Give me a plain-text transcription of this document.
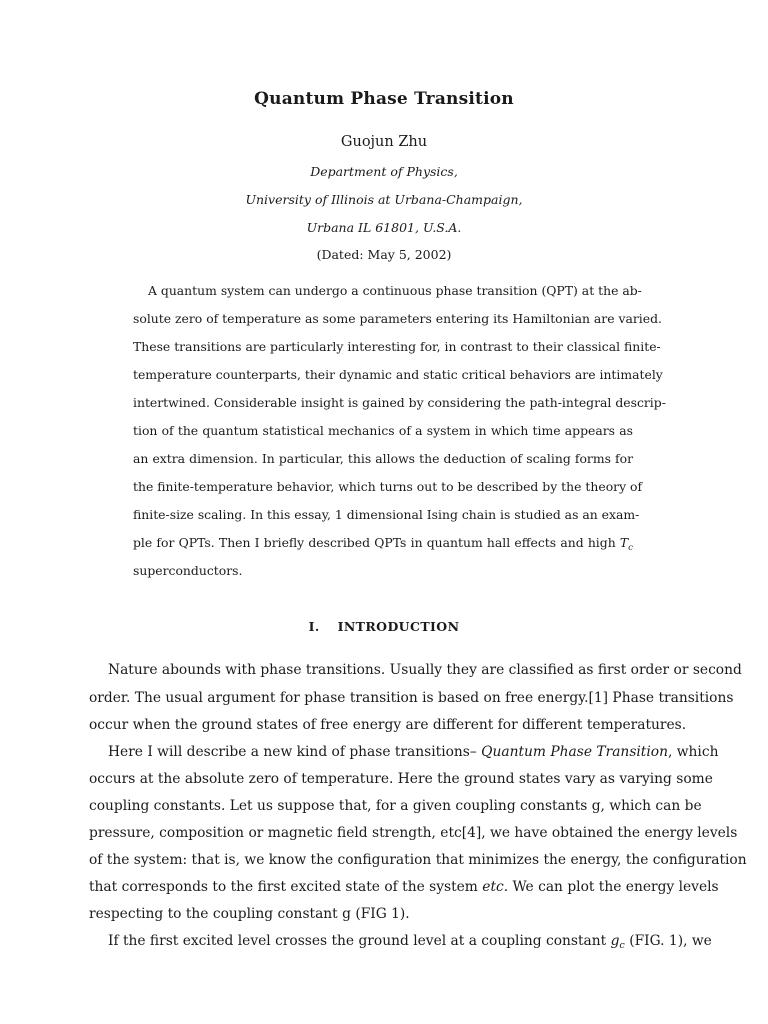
Quantum Phase Transition
Guojun Zhu
Department of Physics,
University of Illinois at Urbana-Champaign,
Urbana IL 61801, U.S.A.
(Dated: May 5, 2002)
A quantum system can undergo a continuous phase transition (QPT) at the ab-
solute zero of temperature as some parameters entering its Hamiltonian are varied.
These transitions are particularly interesting for, in contrast to their classical finite-
temperature counterparts, their dynamic and static critical behaviors are intimately
intertwined. Considerable insight is gained by considering the path-integral descrip-
tion of the quantum statistical mechanics of a system in which time appears as
an extra dimension. In particular, this allows the deduction of scaling forms for
the finite-temperature behavior, which turns out to be described by the theory of
finite-size scaling. In this essay, 1 dimensional Ising chain is studied as an exam-
ple for QPTs. Then I briefly described QPTs in quantum hall effects and high $T_c$
superconductors.
I. INTRODUCTION
Nature abounds with phase transitions. Usually they are classified as first order or second
order. The usual argument for phase transition is based on free energy.[1] Phase transitions
occur when the ground states of free energy are different for different temperatures.
Here I will describe a new kind of phase transitions– Quantum Phase Transition, which
occurs at the absolute zero of temperature. Here the ground states vary as varying some
coupling constants. Let us suppose that, for a given coupling constants g, which can be
pressure, composition or magnetic field strength, etc[4], we have obtained the energy levels
of the system: that is, we know the configuration that minimizes the energy, the configuration
that corresponds to the first excited state of the system etc. We can plot the energy levels
respecting to the coupling constant g (FIG 1).
If the first excited level crosses the ground level at a coupling constant $g_c$ (FIG. 1), we
